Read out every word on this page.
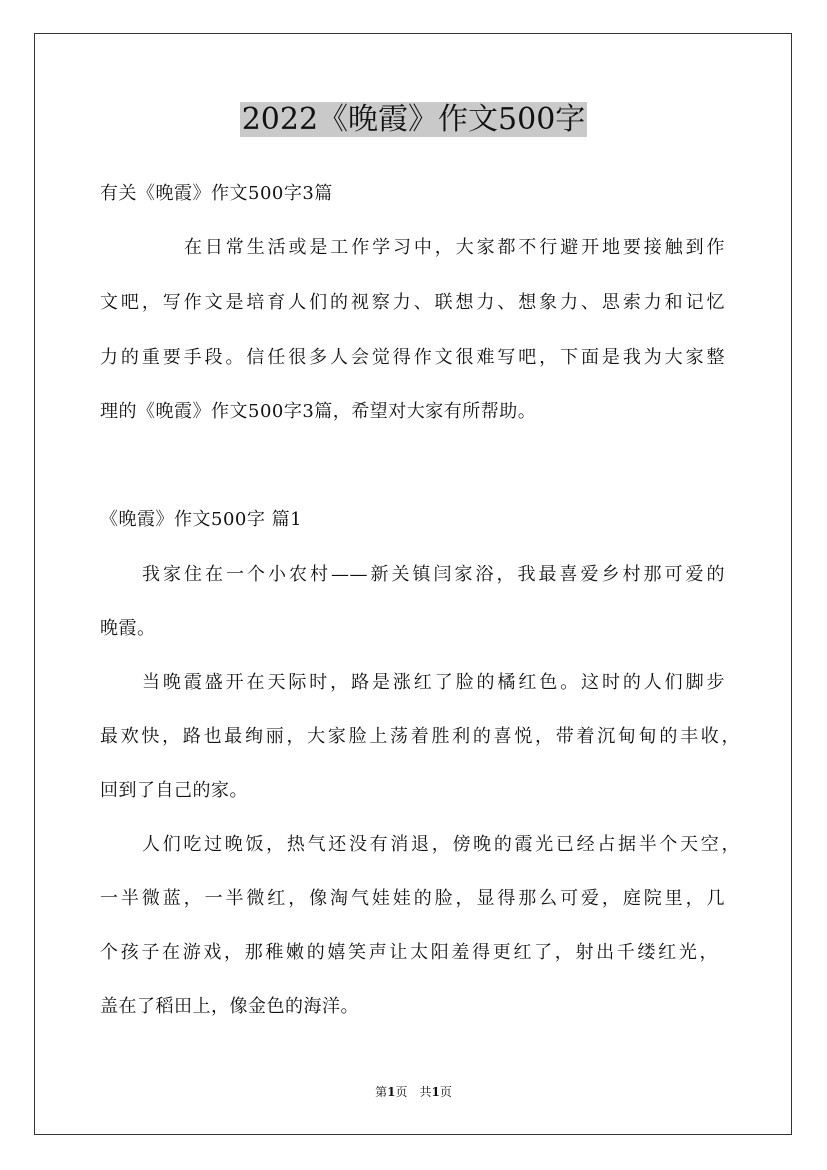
2022《晚霞》作文500字
有关《晚霞》作文500字3篇
在日常生活或是工作学习中，大家都不行避开地要接触到作
文吧，写作文是培育人们的视察力、联想力、想象力、思索力和记忆
力的重要手段。信任很多人会觉得作文很难写吧，下面是我为大家整
理的《晚霞》作文500字3篇，希望对大家有所帮助。
《晚霞》作文500字 篇1
我家住在一个小农村——新关镇闫家浴，我最喜爱乡村那可爱的
晚霞。
当晚霞盛开在天际时，路是涨红了脸的橘红色。这时的人们脚步
最欢快，路也最绚丽，大家脸上荡着胜利的喜悦，带着沉甸甸的丰收，
回到了自己的家。
人们吃过晚饭，热气还没有消退，傍晚的霞光已经占据半个天空，
一半微蓝，一半微红，像淘气娃娃的脸，显得那么可爱，庭院里，几
个孩子在游戏，那稚嫩的嬉笑声让太阳羞得更红了，射出千缕红光，
盖在了稻田上，像金色的海洋。
第1页　共1页
